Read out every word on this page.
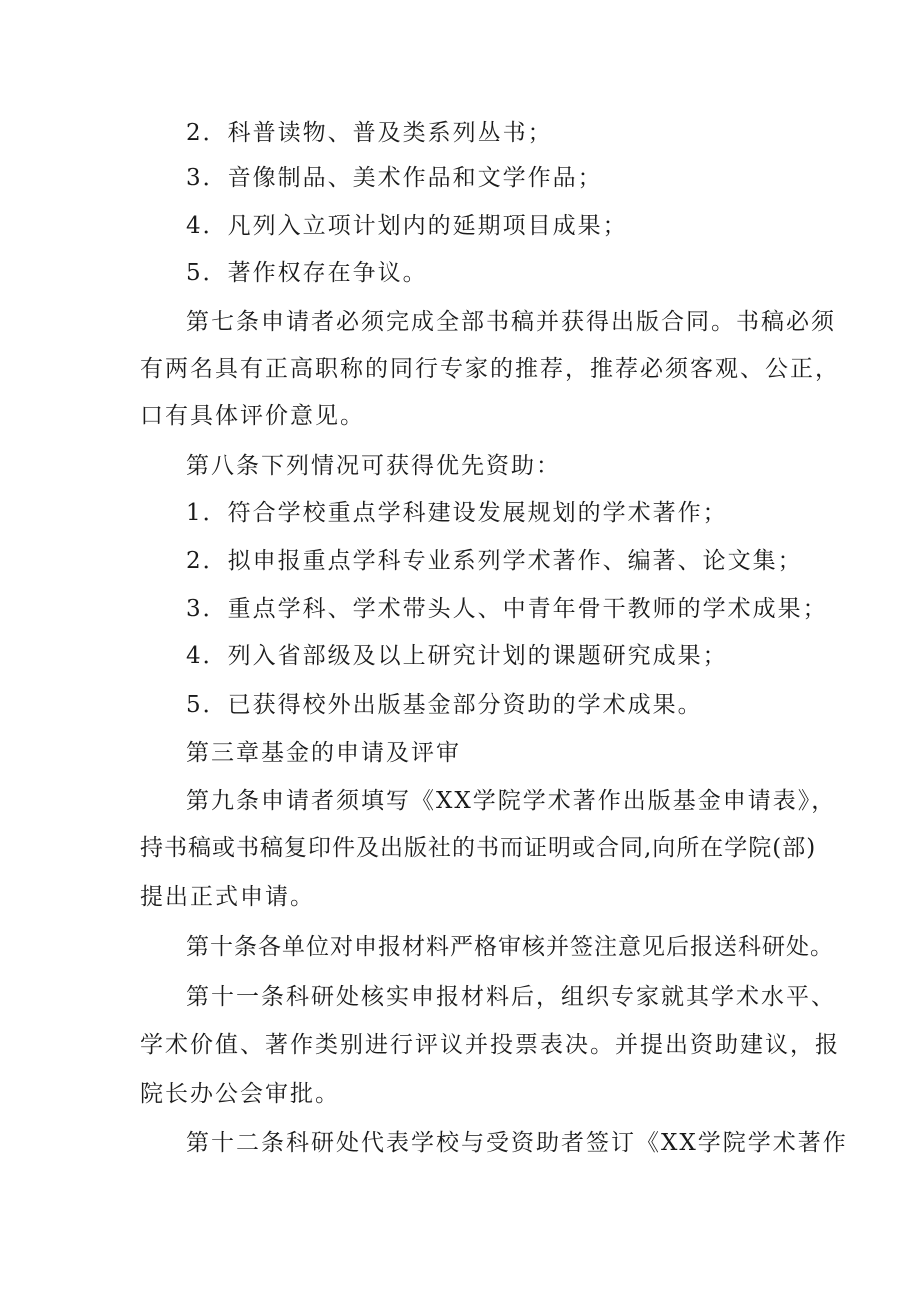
2．科普读物、普及类系列丛书；
3．音像制品、美术作品和文学作品；
4．凡列入立项计划内的延期项目成果；
5．著作权存在争议。
第七条申请者必须完成全部书稿并获得出版合同。书稿必须
有两名具有正高职称的同行专家的推荐，推荐必须客观、公正，
口有具体评价意见。
第八条下列情况可获得优先资助：
1．符合学校重点学科建设发展规划的学术著作；
2．拟申报重点学科专业系列学术著作、编著、论文集；
3．重点学科、学术带头人、中青年骨干教师的学术成果；
4．列入省部级及以上研究计划的课题研究成果；
5．已获得校外出版基金部分资助的学术成果。
第三章基金的申请及评审
第九条申请者须填写《XX学院学术著作出版基金申请表》，
持书稿或书稿复印件及出版社的书而证明或合同,向所在学院(部)
提出正式申请。
第十条各单位对申报材料严格审核并签注意见后报送科研处。
第十一条科研处核实申报材料后，组织专家就其学术水平、
学术价值、著作类别进行评议并投票表决。并提出资助建议，报
院长办公会审批。
第十二条科研处代表学校与受资助者签订《XX学院学术著作
